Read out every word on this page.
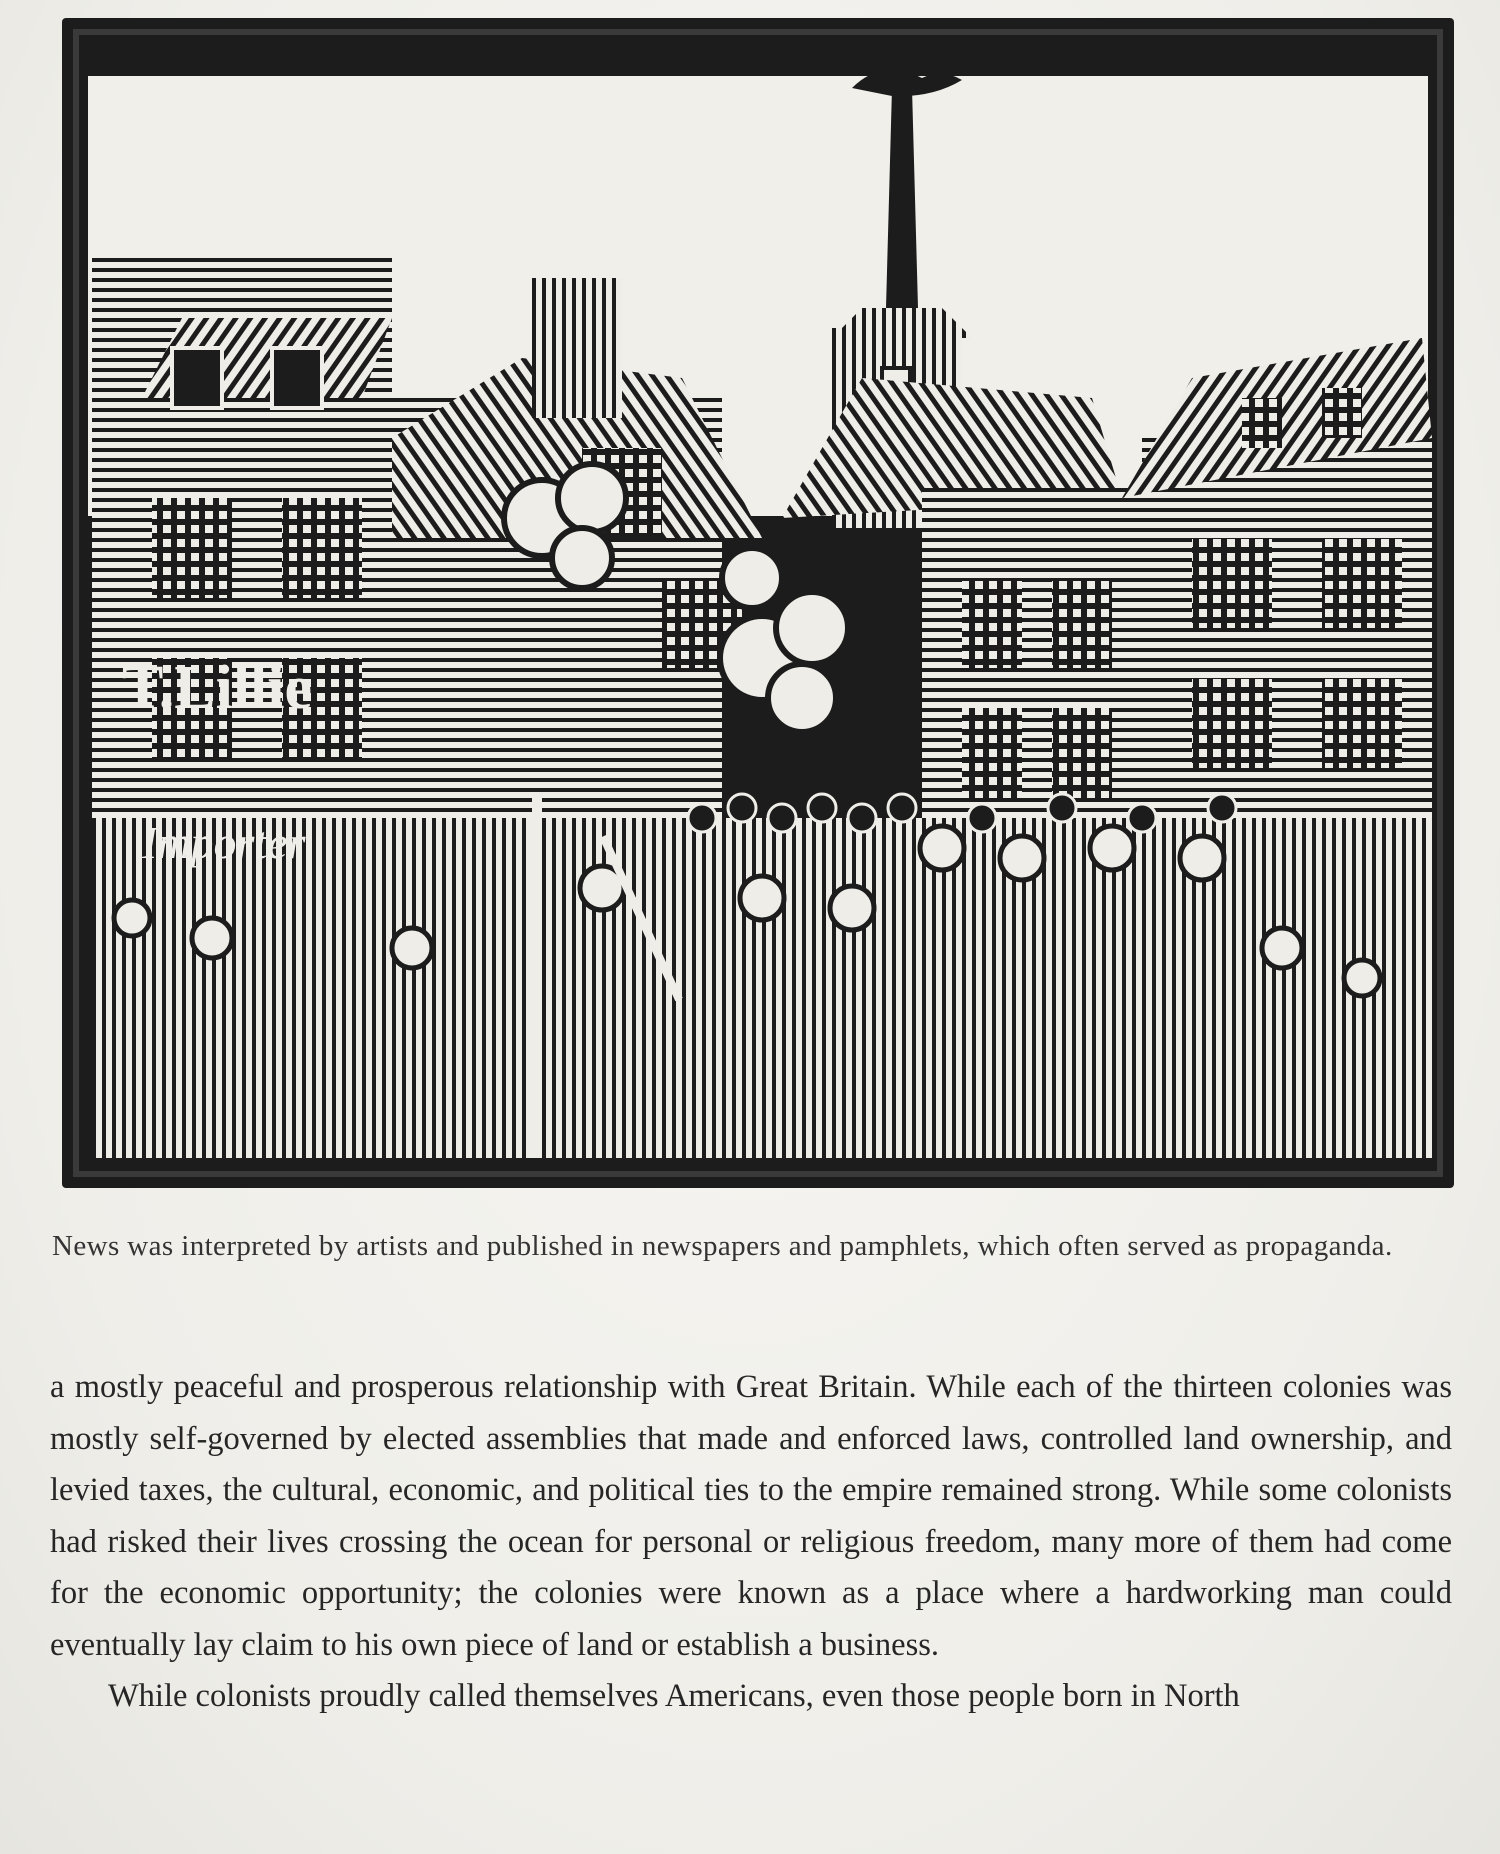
T.Lillie
Importer
News was interpreted by artists and published in newspapers and pamphlets, which often served as propaganda.

a mostly peaceful and prosperous relationship with Great Britain. While each of the thirteen colonies was mostly self-governed by elected assemblies that made and enforced laws, controlled land ownership, and levied taxes, the cultural, economic, and political ties to the empire remained strong. While some colonists had risked their lives crossing the ocean for personal or religious freedom, many more of them had come for the economic opportunity; the colonies were known as a place where a hardworking man could eventually lay claim to his own piece of land or establish a business.

While colonists proudly called themselves Americans, even those people born in North
